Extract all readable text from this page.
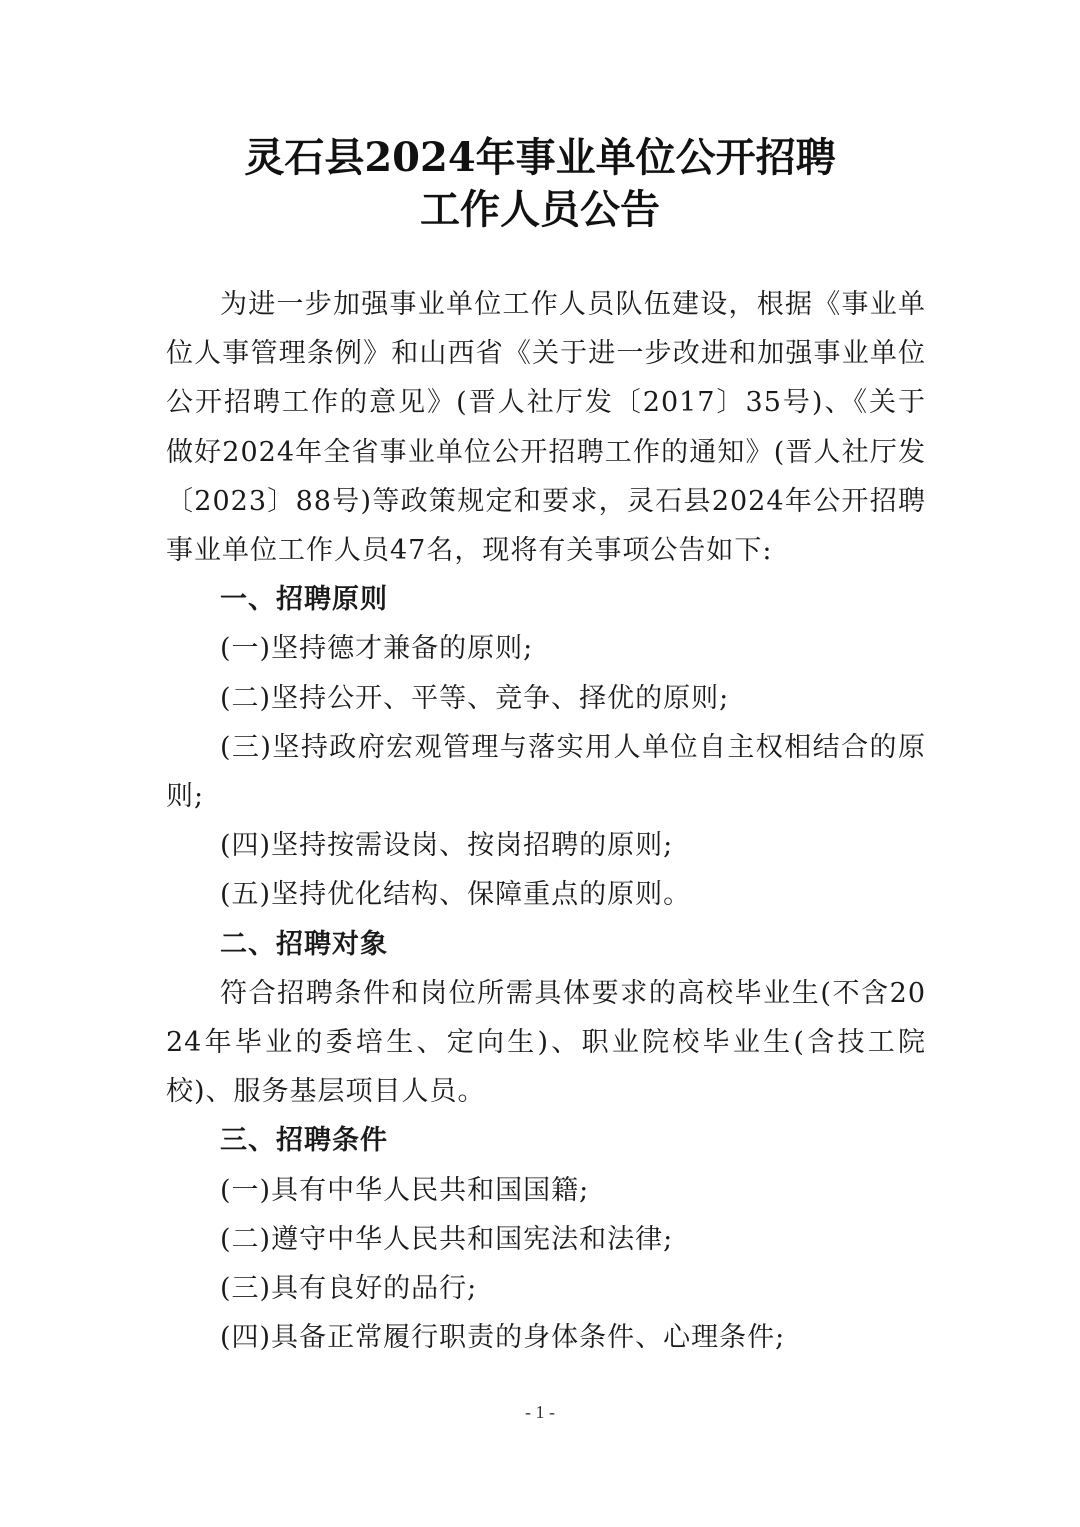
灵石县2024年事业单位公开招聘
工作人员公告

为进一步加强事业单位工作人员队伍建设，根据《事业单位人事管理条例》和山西省《关于进一步改进和加强事业单位公开招聘工作的意见》(晋人社厅发〔2017〕35号)、《关于做好2024年全省事业单位公开招聘工作的通知》(晋人社厅发〔2023〕88号)等政策规定和要求，灵石县2024年公开招聘事业单位工作人员47名，现将有关事项公告如下:

一、招聘原则

(一)坚持德才兼备的原则;

(二)坚持公开、平等、竞争、择优的原则;

(三)坚持政府宏观管理与落实用人单位自主权相结合的原则;

(四)坚持按需设岗、按岗招聘的原则;

(五)坚持优化结构、保障重点的原则。

二、招聘对象

符合招聘条件和岗位所需具体要求的高校毕业生(不含2024年毕业的委培生、定向生)、职业院校毕业生(含技工院校)、服务基层项目人员。

三、招聘条件

(一)具有中华人民共和国国籍;

(二)遵守中华人民共和国宪法和法律;

(三)具有良好的品行;

(四)具备正常履行职责的身体条件、心理条件;

- 1 -
